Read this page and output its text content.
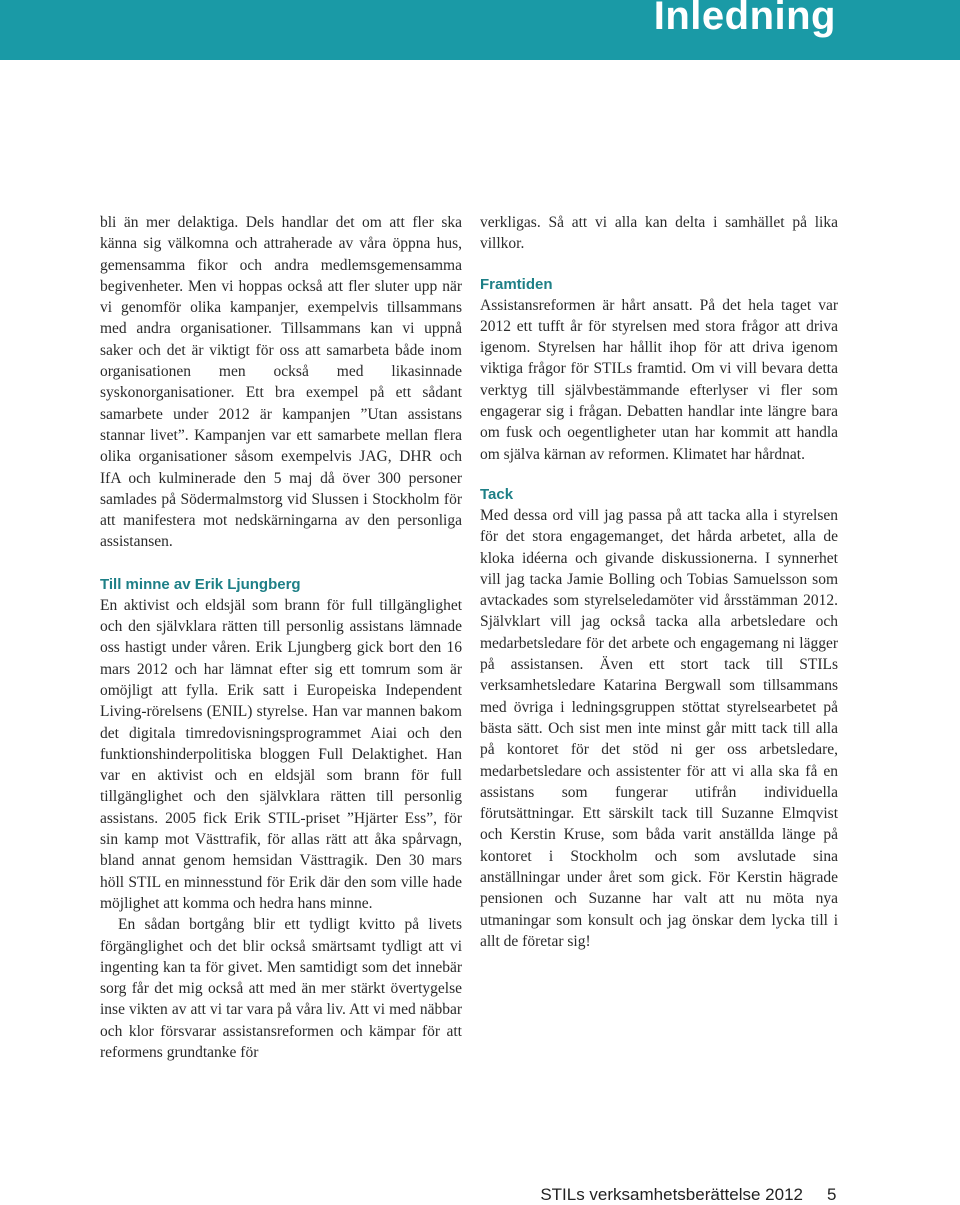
Inledning

bli än mer delaktiga. Dels handlar det om att fler ska känna sig välkomna och attraherade av våra öppna hus, gemensamma fikor och andra medlemsgemensamma begivenheter. Men vi hoppas också att fler sluter upp när vi genomför olika kampanjer, exempelvis tillsammans med andra organisationer. Tillsammans kan vi uppnå saker och det är viktigt för oss att samarbeta både inom organisationen men också med likasinnade syskonorganisationer. Ett bra exempel på ett sådant samarbete under 2012 är kampanjen ”Utan assistans stannar livet”. Kampanjen var ett samarbete mellan flera olika organisationer såsom exempelvis JAG, DHR och IfA och kulminerade den 5 maj då över 300 personer samlades på Södermalmstorg vid Slussen i Stockholm för att manifestera mot nedskärningarna av den personliga assistansen.

Till minne av Erik Ljungberg

En aktivist och eldsjäl som brann för full tillgänglighet och den självklara rätten till personlig assistans lämnade oss hastigt under våren. Erik Ljungberg gick bort den 16 mars 2012 och har lämnat efter sig ett tomrum som är omöjligt att fylla. Erik satt i Europeiska Independent Living-rörelsens (ENIL) styrelse. Han var mannen bakom det digitala timredovisningsprogrammet Aiai och den funktionshinderpolitiska bloggen Full Delaktighet. Han var en aktivist och en eldsjäl som brann för full tillgänglighet och den självklara rätten till personlig assistans. 2005 fick Erik STIL-priset ”Hjärter Ess”, för sin kamp mot Västtrafik, för allas rätt att åka spårvagn, bland annat genom hemsidan Västtragik. Den 30 mars höll STIL en minnesstund för Erik där den som ville hade möjlighet att komma och hedra hans minne.

En sådan bortgång blir ett tydligt kvitto på livets förgänglighet och det blir också smärtsamt tydligt att vi ingenting kan ta för givet. Men samtidigt som det innebär sorg får det mig också att med än mer stärkt övertygelse inse vikten av att vi tar vara på våra liv. Att vi med näbbar och klor försvarar assistansreformen och kämpar för att reformens grundtanke för

verkligas. Så att vi alla kan delta i samhället på lika villkor.

Framtiden

Assistansreformen är hårt ansatt. På det hela taget var 2012 ett tufft år för styrelsen med stora frågor att driva igenom. Styrelsen har hållit ihop för att driva igenom viktiga frågor för STILs framtid. Om vi vill bevara detta verktyg till självbestämmande efterlyser vi fler som engagerar sig i frågan. Debatten handlar inte längre bara om fusk och oegentligheter utan har kommit att handla om själva kärnan av reformen. Klimatet har hårdnat.

Tack

Med dessa ord vill jag passa på att tacka alla i styrelsen för det stora engagemanget, det hårda arbetet, alla de kloka idéerna och givande diskussionerna. I synnerhet vill jag tacka Jamie Bolling och Tobias Samuelsson som avtackades som styrelseledamöter vid årsstämman 2012. Självklart vill jag också tacka alla arbetsledare och medarbetsledare för det arbete och engagemang ni lägger på assistansen. Även ett stort tack till STILs verksamhetsledare Katarina Bergwall som tillsammans med övriga i ledningsgruppen stöttat styrelsearbetet på bästa sätt. Och sist men inte minst går mitt tack till alla på kontoret för det stöd ni ger oss arbetsledare, medarbetsledare och assistenter för att vi alla ska få en assistans som fungerar utifrån individuella förutsättningar. Ett särskilt tack till Suzanne Elmqvist och Kerstin Kruse, som båda varit anställda länge på kontoret i Stockholm och som avslutade sina anställningar under året som gick. För Kerstin hägrade pensionen och Suzanne har valt att nu möta nya utmaningar som konsult och jag önskar dem lycka till i allt de företar sig!

STILs verksamhetsberättelse 2012 5
